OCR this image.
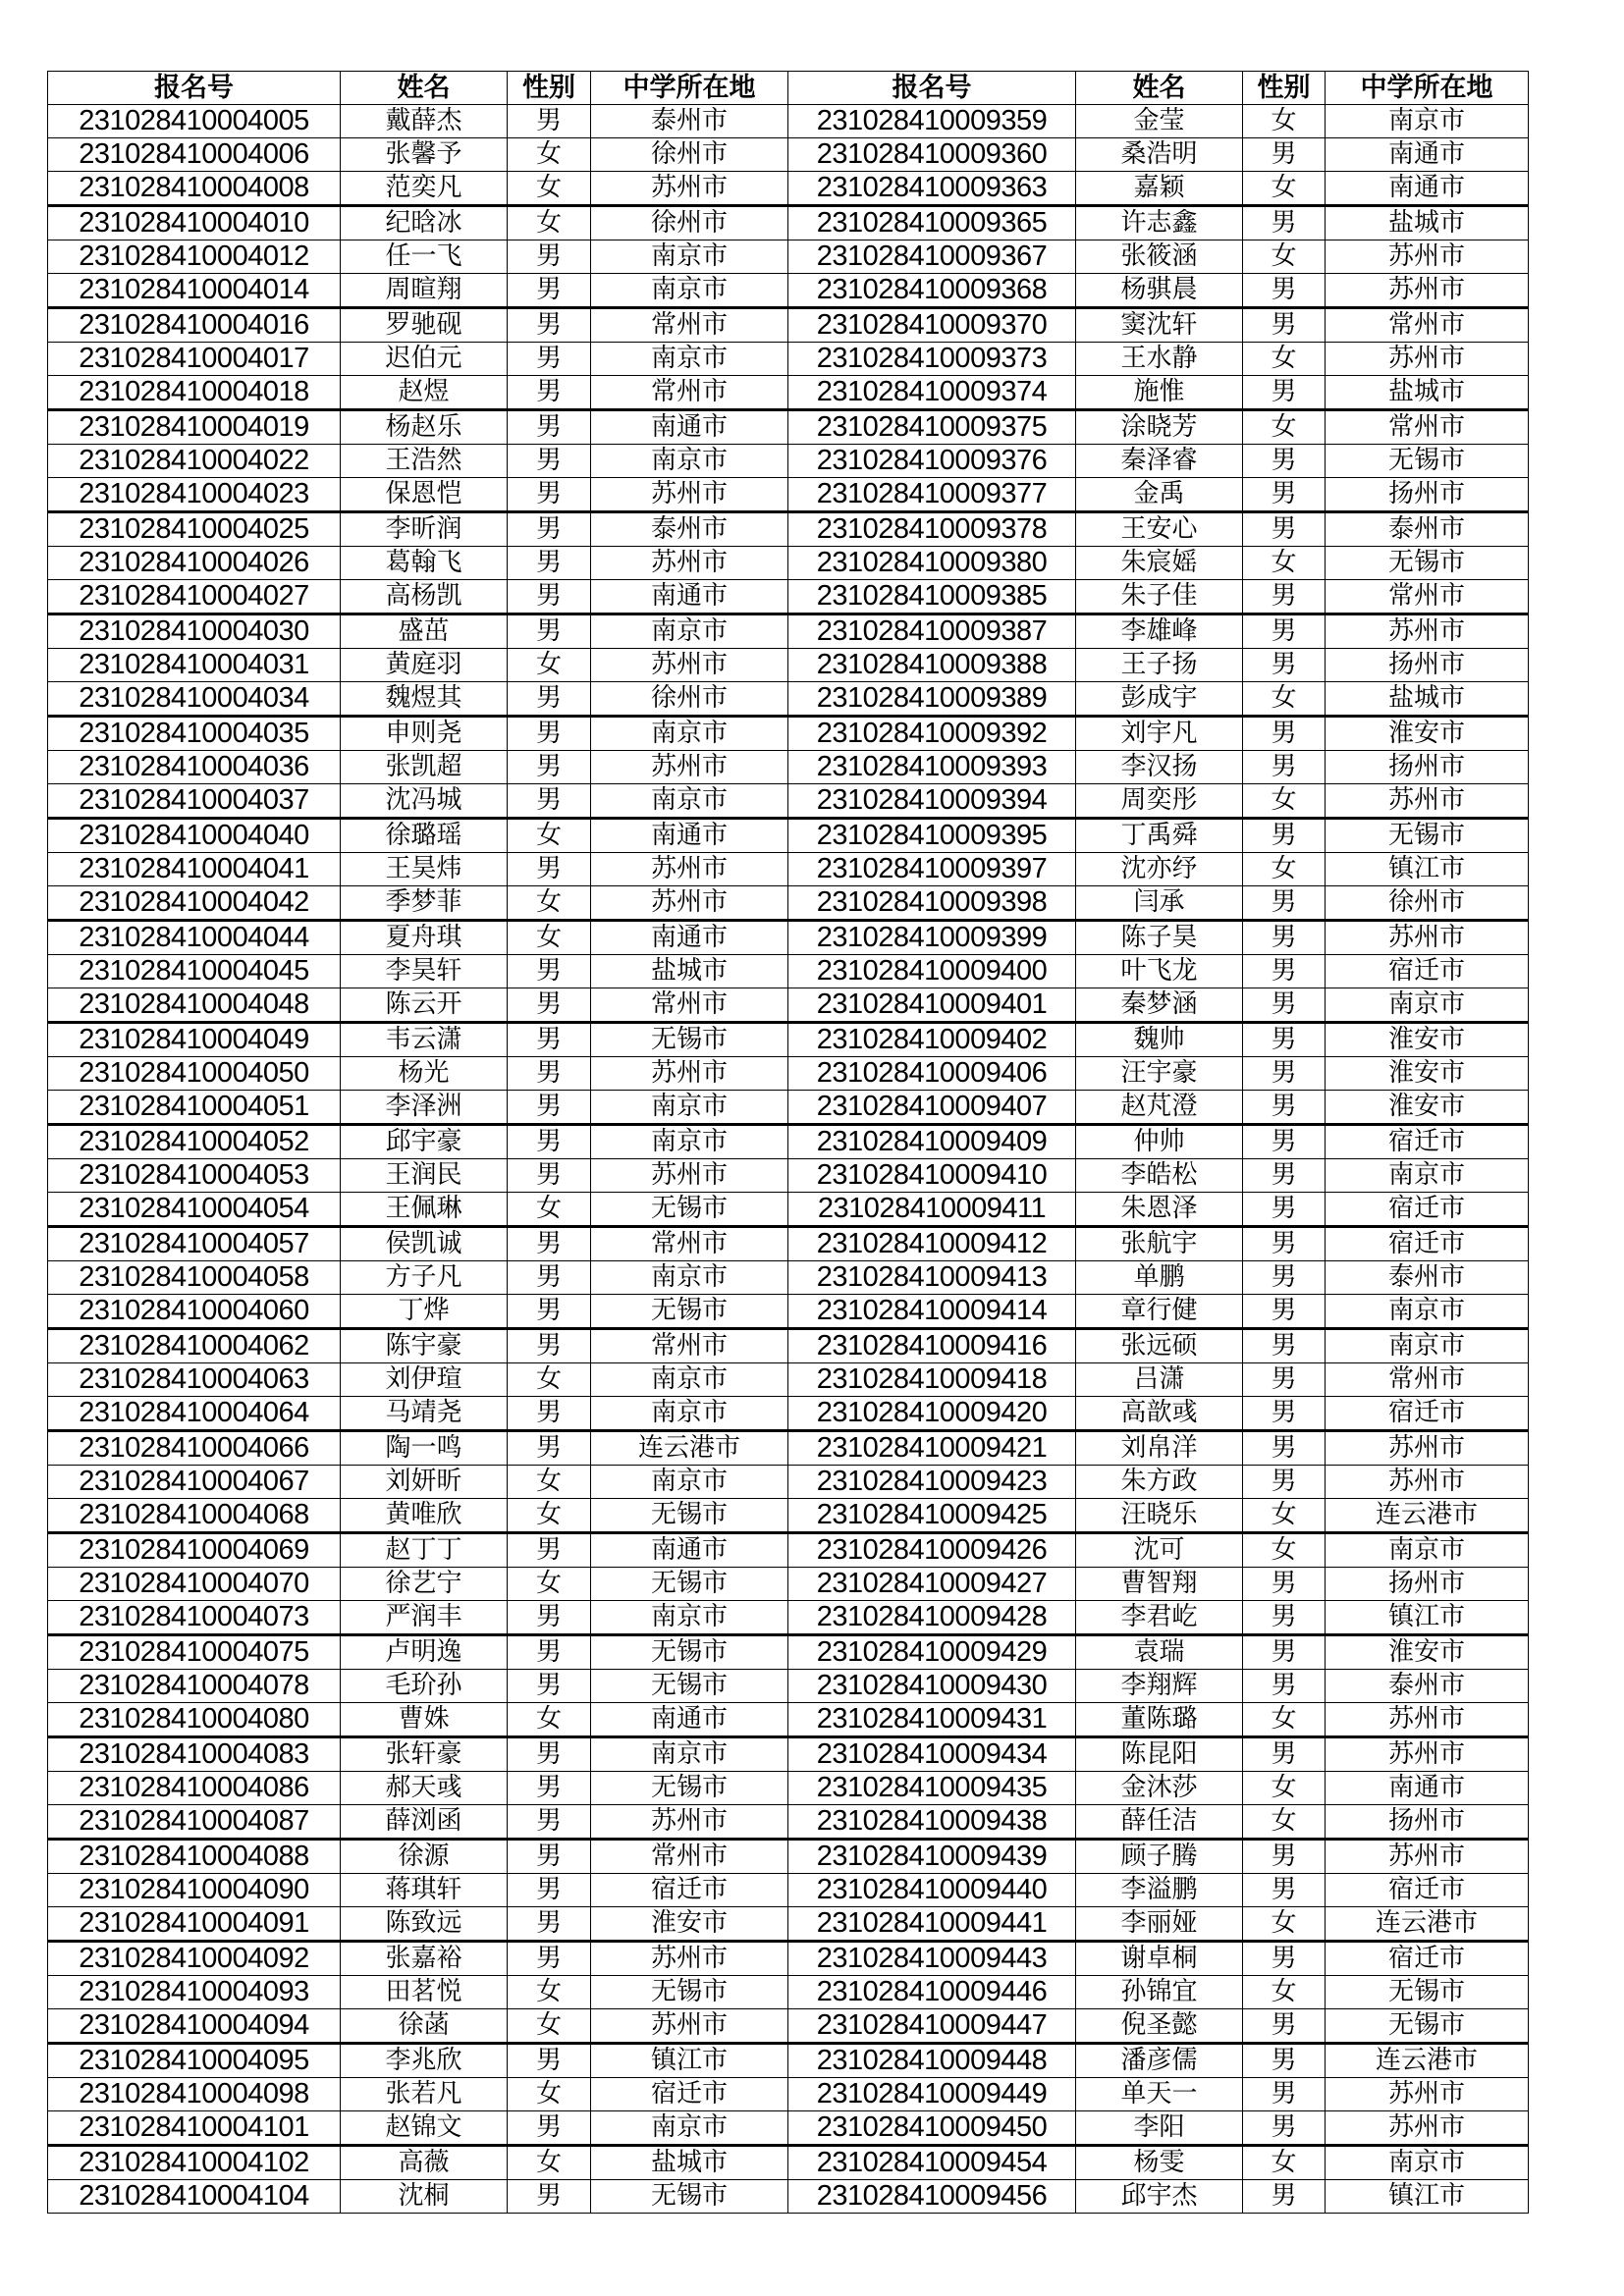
报名号	姓名	性别	中学所在地	报名号	姓名	性别	中学所在地
231028410004005	戴薛杰	男	泰州市	231028410009359	金莹	女	南京市
231028410004006	张馨予	女	徐州市	231028410009360	桑浩明	男	南通市
231028410004008	范奕凡	女	苏州市	231028410009363	嘉颖	女	南通市
231028410004010	纪晗冰	女	徐州市	231028410009365	许志鑫	男	盐城市
231028410004012	任一飞	男	南京市	231028410009367	张筱涵	女	苏州市
231028410004014	周暄翔	男	南京市	231028410009368	杨骐晨	男	苏州市
231028410004016	罗驰砚	男	常州市	231028410009370	窦沈轩	男	常州市
231028410004017	迟伯元	男	南京市	231028410009373	王水静	女	苏州市
231028410004018	赵煜	男	常州市	231028410009374	施惟	男	盐城市
231028410004019	杨赵乐	男	南通市	231028410009375	涂晓芳	女	常州市
231028410004022	王浩然	男	南京市	231028410009376	秦泽睿	男	无锡市
231028410004023	保恩恺	男	苏州市	231028410009377	金禹	男	扬州市
231028410004025	李昕润	男	泰州市	231028410009378	王安心	男	泰州市
231028410004026	葛翰飞	男	苏州市	231028410009380	朱宸媱	女	无锡市
231028410004027	高杨凯	男	南通市	231028410009385	朱子佳	男	常州市
231028410004030	盛茁	男	南京市	231028410009387	李雄峰	男	苏州市
231028410004031	黄庭羽	女	苏州市	231028410009388	王子扬	男	扬州市
231028410004034	魏煜其	男	徐州市	231028410009389	彭成宇	女	盐城市
231028410004035	申则尧	男	南京市	231028410009392	刘宇凡	男	淮安市
231028410004036	张凯超	男	苏州市	231028410009393	李汉扬	男	扬州市
231028410004037	沈冯城	男	南京市	231028410009394	周奕彤	女	苏州市
231028410004040	徐璐瑶	女	南通市	231028410009395	丁禹舜	男	无锡市
231028410004041	王昊炜	男	苏州市	231028410009397	沈亦纾	女	镇江市
231028410004042	季梦菲	女	苏州市	231028410009398	闫承	男	徐州市
231028410004044	夏舟琪	女	南通市	231028410009399	陈子昊	男	苏州市
231028410004045	李昊轩	男	盐城市	231028410009400	叶飞龙	男	宿迁市
231028410004048	陈云开	男	常州市	231028410009401	秦梦涵	男	南京市
231028410004049	韦云潇	男	无锡市	231028410009402	魏帅	男	淮安市
231028410004050	杨光	男	苏州市	231028410009406	汪宇豪	男	淮安市
231028410004051	李泽洲	男	南京市	231028410009407	赵芃澄	男	淮安市
231028410004052	邱宇豪	男	南京市	231028410009409	仲帅	男	宿迁市
231028410004053	王润民	男	苏州市	231028410009410	李皓松	男	南京市
231028410004054	王佩琳	女	无锡市	231028410009411	朱恩泽	男	宿迁市
231028410004057	侯凯诚	男	常州市	231028410009412	张航宇	男	宿迁市
231028410004058	方子凡	男	南京市	231028410009413	单鹏	男	泰州市
231028410004060	丁烨	男	无锡市	231028410009414	章行健	男	南京市
231028410004062	陈宇豪	男	常州市	231028410009416	张远硕	男	南京市
231028410004063	刘伊瑄	女	南京市	231028410009418	吕潇	男	常州市
231028410004064	马靖尧	男	南京市	231028410009420	高歆彧	男	宿迁市
231028410004066	陶一鸣	男	连云港市	231028410009421	刘帛洋	男	苏州市
231028410004067	刘妍昕	女	南京市	231028410009423	朱方政	男	苏州市
231028410004068	黄唯欣	女	无锡市	231028410009425	汪晓乐	女	连云港市
231028410004069	赵丁丁	男	南通市	231028410009426	沈可	女	南京市
231028410004070	徐艺宁	女	无锡市	231028410009427	曹智翔	男	扬州市
231028410004073	严润丰	男	南京市	231028410009428	李君屹	男	镇江市
231028410004075	卢明逸	男	无锡市	231028410009429	袁瑞	男	淮安市
231028410004078	毛玠孙	男	无锡市	231028410009430	李翔辉	男	泰州市
231028410004080	曹姝	女	南通市	231028410009431	董陈璐	女	苏州市
231028410004083	张轩豪	男	南京市	231028410009434	陈昆阳	男	苏州市
231028410004086	郝天彧	男	无锡市	231028410009435	金沐莎	女	南通市
231028410004087	薛浏函	男	苏州市	231028410009438	薛任洁	女	扬州市
231028410004088	徐源	男	常州市	231028410009439	顾子腾	男	苏州市
231028410004090	蒋琪轩	男	宿迁市	231028410009440	李溢鹏	男	宿迁市
231028410004091	陈致远	男	淮安市	231028410009441	李丽娅	女	连云港市
231028410004092	张嘉裕	男	苏州市	231028410009443	谢卓桐	男	宿迁市
231028410004093	田茗悦	女	无锡市	231028410009446	孙锦宜	女	无锡市
231028410004094	徐菡	女	苏州市	231028410009447	倪圣懿	男	无锡市
231028410004095	李兆欣	男	镇江市	231028410009448	潘彦儒	男	连云港市
231028410004098	张若凡	女	宿迁市	231028410009449	单天一	男	苏州市
231028410004101	赵锦文	男	南京市	231028410009450	李阳	男	苏州市
231028410004102	高薇	女	盐城市	231028410009454	杨雯	女	南京市
231028410004104	沈桐	男	无锡市	231028410009456	邱宇杰	男	镇江市
